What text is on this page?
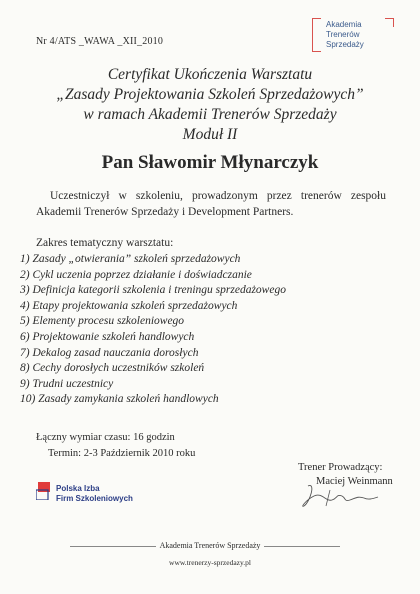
Nr 4/ATS _WAWA _XII_2010
Akademia
Trenerów
Sprzedaży
Certyfikat Ukończenia Warsztatu
„Zasady Projektowania Szkoleń Sprzedażowych”
w ramach Akademii Trenerów Sprzedaży
Moduł II
Pan Sławomir Młynarczyk
Uczestniczył w szkoleniu, prowadzonym przez trenerów zespołu Akademii Trenerów Sprzedaży i Development Partners.
Zakres tematyczny warsztatu:
1) Zasady „otwierania” szkoleń sprzedażowych
2) Cykl uczenia poprzez działanie i doświadczanie
3) Definicja kategorii szkolenia i treningu sprzedażowego
4) Etapy projektowania szkoleń sprzedażowych
5) Elementy procesu szkoleniowego
6) Projektowanie szkoleń handlowych
7) Dekalog zasad nauczania dorosłych
8) Cechy dorosłych uczestników szkoleń
9) Trudni uczestnicy
10) Zasady zamykania szkoleń handlowych
Łączny wymiar czasu: 16 godzin
Termin: 2-3 Październik 2010 roku
Trener Prowadzący:
Maciej Weinmann
Polska Izba
Firm Szkoleniowych
Akademia Trenerów Sprzedaży
www.trenerzy-sprzedazy.pl
